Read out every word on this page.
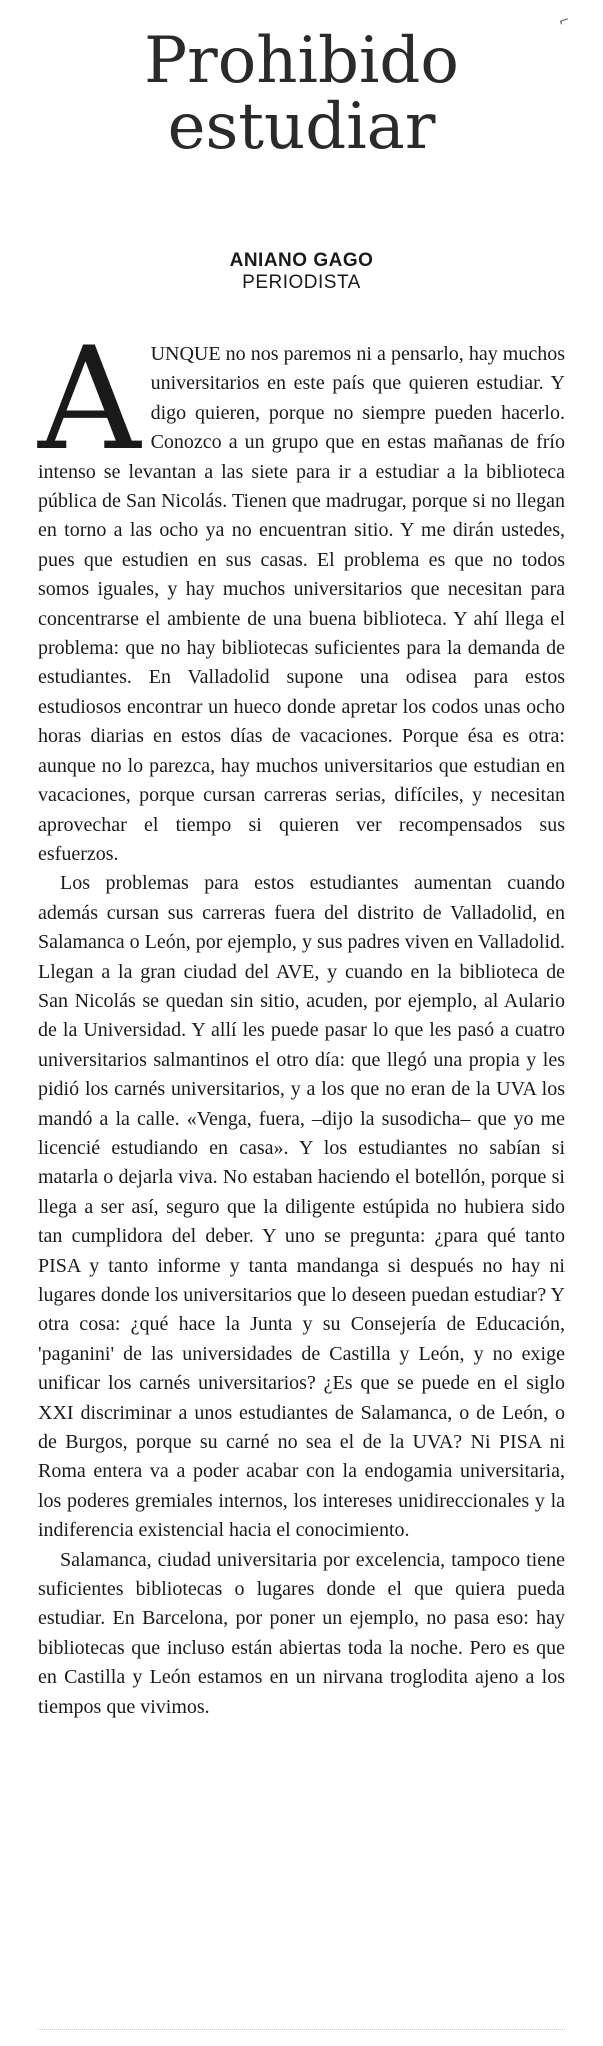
⌐
Prohibido
estudiar
ANIANO GAGO
PERIODISTA

AUNQUE no nos paremos ni a pensarlo, hay muchos universitarios en este país que quieren estudiar. Y digo quieren, porque no siempre pueden hacerlo. Conozco a un grupo que en estas mañanas de frío intenso se levantan a las siete para ir a estudiar a la biblioteca pública de San Nicolás. Tienen que madrugar, porque si no llegan en torno a las ocho ya no encuentran sitio. Y me dirán ustedes, pues que estudien en sus casas. El problema es que no todos somos iguales, y hay muchos universitarios que necesitan para concentrarse el ambiente de una buena biblioteca. Y ahí llega el problema: que no hay bibliotecas suficientes para la demanda de estudiantes. En Valladolid supone una odisea para estos estudiosos encontrar un hueco donde apretar los codos unas ocho horas diarias en estos días de vacaciones. Porque ésa es otra: aunque no lo parezca, hay muchos universitarios que estudian en vacaciones, porque cursan carreras serias, difíciles, y necesitan aprovechar el tiempo si quieren ver recompensados sus esfuerzos.

Los problemas para estos estudiantes aumentan cuando además cursan sus carreras fuera del distrito de Valladolid, en Salamanca o León, por ejemplo, y sus padres viven en Valladolid. Llegan a la gran ciudad del AVE, y cuando en la biblioteca de San Nicolás se quedan sin sitio, acuden, por ejemplo, al Aulario de la Universidad. Y allí les puede pasar lo que les pasó a cuatro universitarios salmantinos el otro día: que llegó una propia y les pidió los carnés universitarios, y a los que no eran de la UVA los mandó a la calle. «Venga, fuera, –dijo la susodicha– que yo me licencié estudiando en casa». Y los estudiantes no sabían si matarla o dejarla viva. No estaban haciendo el botellón, porque si llega a ser así, seguro que la diligente estúpida no hubiera sido tan cumplidora del deber. Y uno se pregunta: ¿para qué tanto PISA y tanto informe y tanta mandanga si después no hay ni lugares donde los universitarios que lo deseen puedan estudiar? Y otra cosa: ¿qué hace la Junta y su Consejería de Educación, 'paganini' de las universidades de Castilla y León, y no exige unificar los carnés universitarios? ¿Es que se puede en el siglo XXI discriminar a unos estudiantes de Salamanca, o de León, o de Burgos, porque su carné no sea el de la UVA? Ni PISA ni Roma entera va a poder acabar con la endogamia universitaria, los poderes gremiales internos, los intereses unidireccionales y la indiferencia existencial hacia el conocimiento.

Salamanca, ciudad universitaria por excelencia, tampoco tiene suficientes bibliotecas o lugares donde el que quiera pueda estudiar. En Barcelona, por poner un ejemplo, no pasa eso: hay bibliotecas que incluso están abiertas toda la noche. Pero es que en Castilla y León estamos en un nirvana troglodita ajeno a los tiempos que vivimos.
